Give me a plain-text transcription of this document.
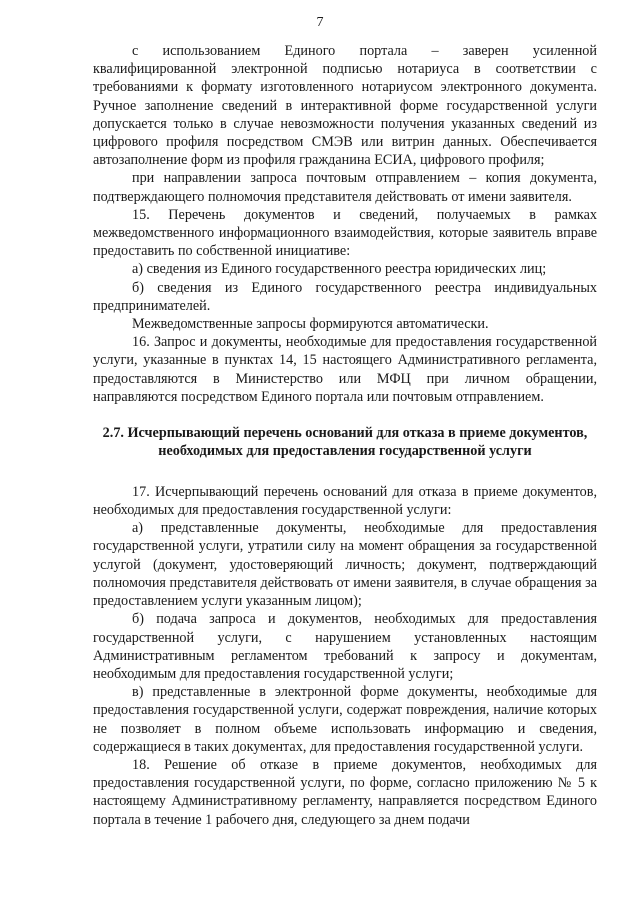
7

с использованием Единого портала – заверен усиленной квалифицированной электронной подписью нотариуса в соответствии с требованиями к формату изготовленного нотариусом электронного документа. Ручное заполнение сведений в интерактивной форме государственной услуги допускается только в случае невозможности получения указанных сведений из цифрового профиля посредством СМЭВ или витрин данных. Обеспечивается автозаполнение форм из профиля гражданина ЕСИА, цифрового профиля;

при направлении запроса почтовым отправлением – копия документа, подтверждающего полномочия представителя действовать от имени заявителя.

15. Перечень документов и сведений, получаемых в рамках межведомственного информационного взаимодействия, которые заявитель вправе предоставить по собственной инициативе:

а) сведения из Единого государственного реестра юридических лиц;

б) сведения из Единого государственного реестра индивидуальных предпринимателей.

Межведомственные запросы формируются автоматически.

16. Запрос и документы, необходимые для предоставления государственной услуги, указанные в пунктах 14, 15 настоящего Административного регламента, предоставляются в Министерство или МФЦ при личном обращении, направляются посредством Единого портала или почтовым отправлением.

2.7. Исчерпывающий перечень оснований для отказа в приеме документов, необходимых для предоставления государственной услуги

17. Исчерпывающий перечень оснований для отказа в приеме документов, необходимых для предоставления государственной услуги:

а) представленные документы, необходимые для предоставления государственной услуги, утратили силу на момент обращения за государственной услугой (документ, удостоверяющий личность; документ, подтверждающий полномочия представителя действовать от имени заявителя, в случае обращения за предоставлением услуги указанным лицом);

б) подача запроса и документов, необходимых для предоставления государственной услуги, с нарушением установленных настоящим Административным регламентом требований к запросу и документам, необходимым для предоставления государственной услуги;

в) представленные в электронной форме документы, необходимые для предоставления государственной услуги, содержат повреждения, наличие которых не позволяет в полном объеме использовать информацию и сведения, содержащиеся в таких документах, для предоставления государственной услуги.

18. Решение об отказе в приеме документов, необходимых для предоставления государственной услуги, по форме, согласно приложению № 5 к настоящему Административному регламенту, направляется посредством Единого портала в течение 1 рабочего дня, следующего за днем подачи
